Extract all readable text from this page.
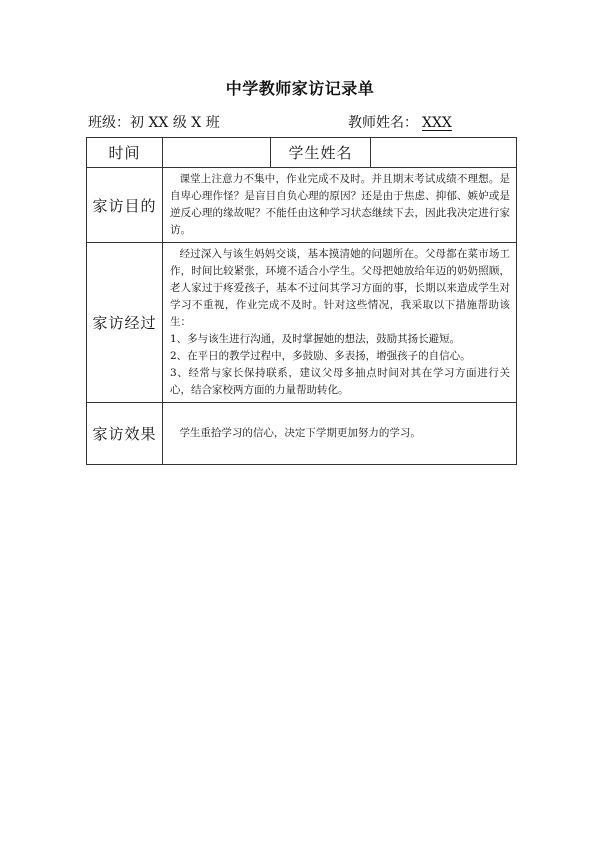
中学教师家访记录单
班级：初 XX 级 X 班	教师姓名： XXX
时间		学生姓名	
家访目的	课堂上注意力不集中，作业完成不及时。并且期末考试成绩不理想。是自卑心理作怪？是盲目自负心理的原因？还是由于焦虑、抑郁、嫉妒或是逆反心理的缘故呢？不能任由这种学习状态继续下去，因此我决定进行家访。		

家访经过	经过深入与该生妈妈交谈，基本摸清她的问题所在。父母都在菜市场工作，时间比较紧张，环境不适合小学生。父母把她放给年迈的奶奶照顾，老人家过于疼爱孩子，基本不过问其学习方面的事，长期以来造成学生对学习不重视，作业完成不及时。针对这些情况，我采取以下措施帮助该生：

1、多与该生进行沟通，及时掌握她的想法，鼓励其扬长避短。

2、在平日的教学过程中，多鼓励、多表扬，增强孩子的自信心。

3、经常与家长保持联系，建议父母多抽点时间对其在学习方面进行关心，结合家校两方面的力量帮助转化。		

家访效果	学生重拾学习的信心，决定下学期更加努力的学习。		
